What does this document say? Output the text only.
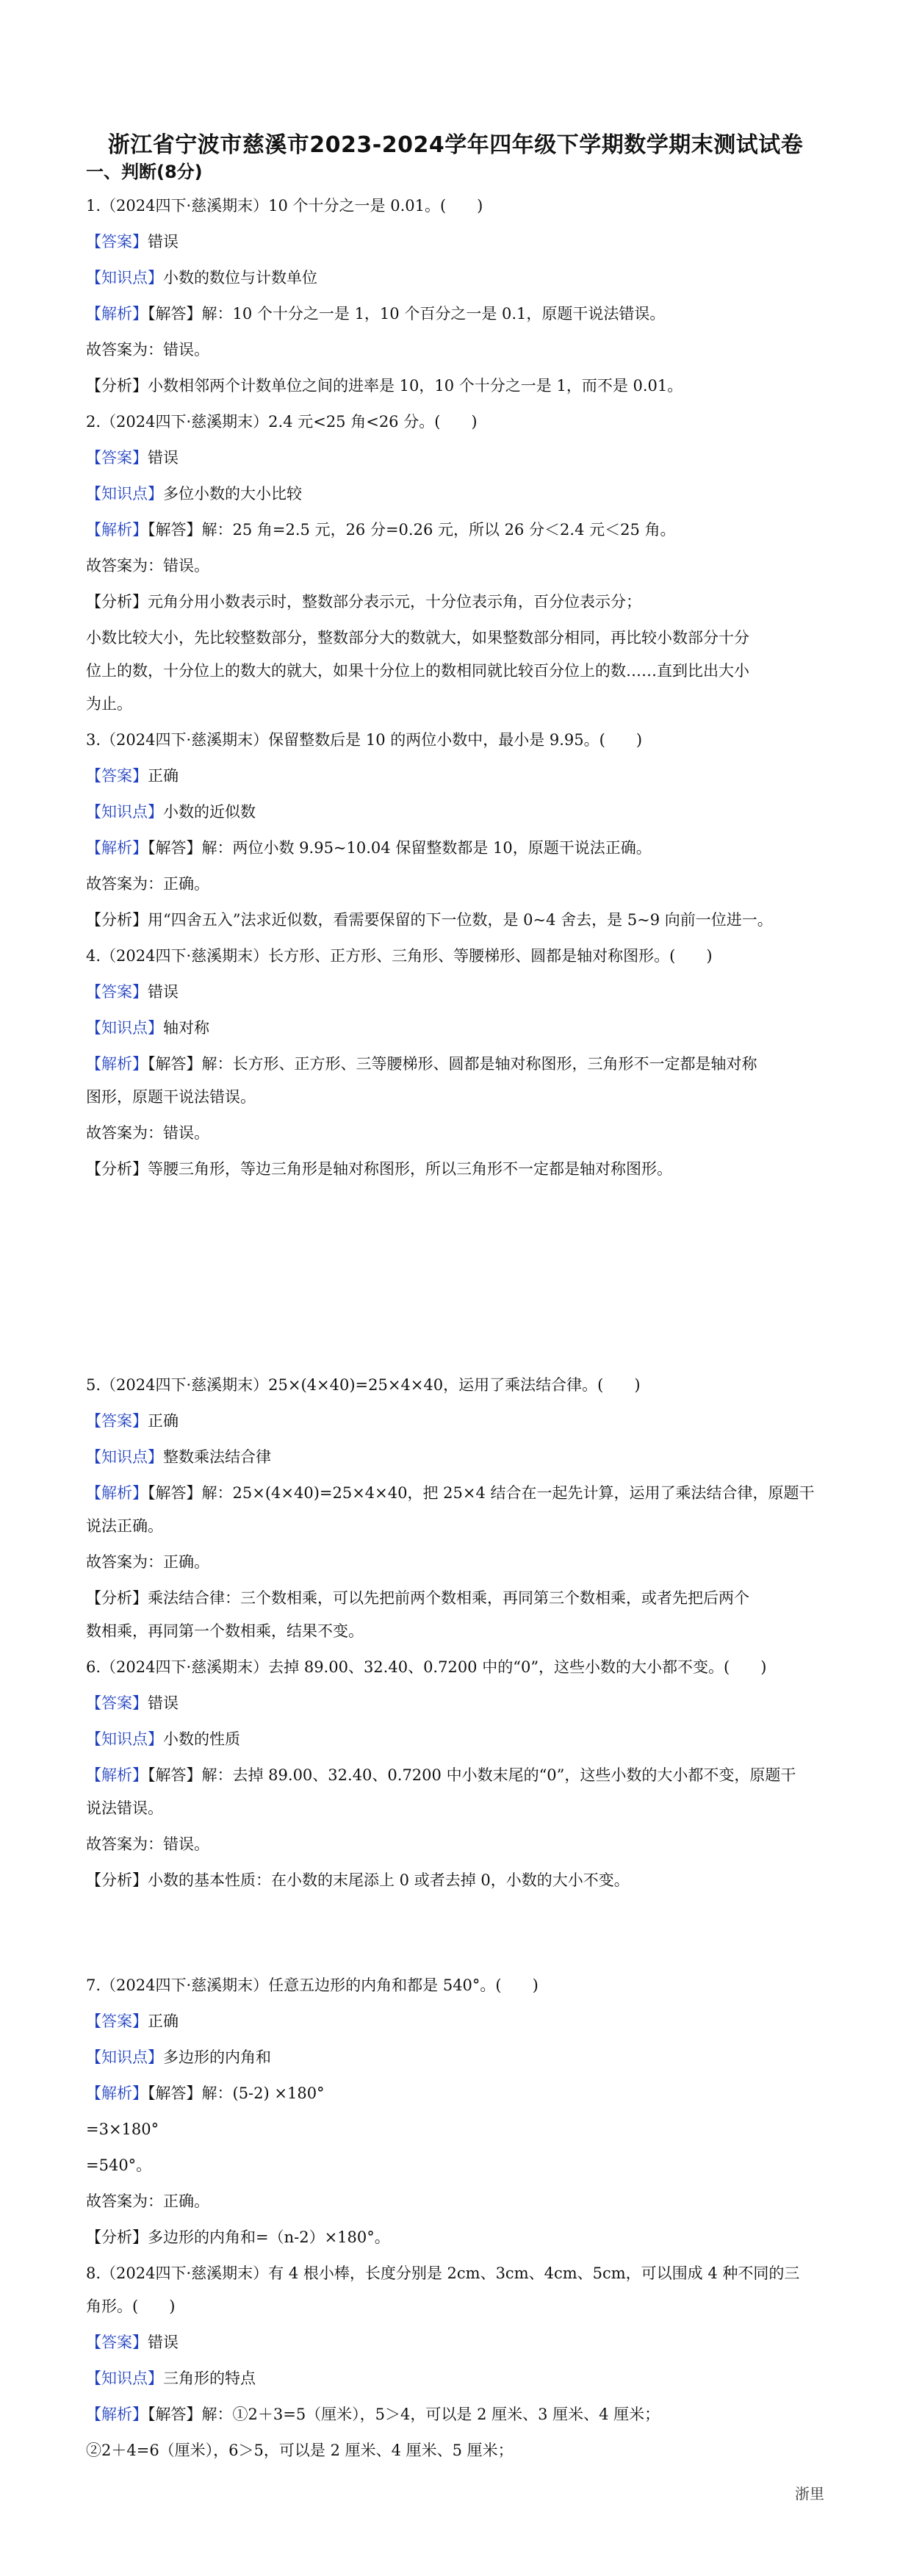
浙江省宁波市慈溪市2023-2024学年四年级下学期数学期末测试试卷
一、判断(8分)
1.（2024四下·慈溪期末）10 个十分之一是 0.01。(　　)
【答案】错误
【知识点】小数的数位与计数单位
【解析】【解答】解：10 个十分之一是 1，10 个百分之一是 0.1，原题干说法错误。
故答案为：错误。
【分析】小数相邻两个计数单位之间的进率是 10，10 个十分之一是 1，而不是 0.01。
2.（2024四下·慈溪期末）2.4 元<25 角<26 分。(　　)
【答案】错误
【知识点】多位小数的大小比较
【解析】【解答】解：25 角=2.5 元，26 分=0.26 元，所以 26 分＜2.4 元＜25 角。
故答案为：错误。
【分析】元角分用小数表示时，整数部分表示元，十分位表示角，百分位表示分；
小数比较大小，先比较整数部分，整数部分大的数就大，如果整数部分相同，再比较小数部分十分
位上的数，十分位上的数大的就大，如果十分位上的数相同就比较百分位上的数……直到比出大小
为止。
3.（2024四下·慈溪期末）保留整数后是 10 的两位小数中，最小是 9.95。(　　)
【答案】正确
【知识点】小数的近似数
【解析】【解答】解：两位小数 9.95~10.04 保留整数都是 10，原题干说法正确。
故答案为：正确。
【分析】用“四舍五入”法求近似数，看需要保留的下一位数，是 0~4 舍去，是 5~9 向前一位进一。
4.（2024四下·慈溪期末）长方形、正方形、三角形、等腰梯形、圆都是轴对称图形。(　　)
【答案】错误
【知识点】轴对称
【解析】【解答】解：长方形、正方形、三等腰梯形、圆都是轴对称图形，三角形不一定都是轴对称
图形，原题干说法错误。
故答案为：错误。
【分析】等腰三角形，等边三角形是轴对称图形，所以三角形不一定都是轴对称图形。
5.（2024四下·慈溪期末）25×(4×40)=25×4×40，运用了乘法结合律。(　　)
【答案】正确
【知识点】整数乘法结合律
【解析】【解答】解：25×(4×40)=25×4×40，把 25×4 结合在一起先计算，运用了乘法结合律，原题干
说法正确。
故答案为：正确。
【分析】乘法结合律：三个数相乘，可以先把前两个数相乘，再同第三个数相乘，或者先把后两个
数相乘，再同第一个数相乘，结果不变。
6.（2024四下·慈溪期末）去掉 89.00、32.40、0.7200 中的“0”，这些小数的大小都不变。(　　)
【答案】错误
【知识点】小数的性质
【解析】【解答】解：去掉 89.00、32.40、0.7200 中小数末尾的“0”，这些小数的大小都不变，原题干
说法错误。
故答案为：错误。
【分析】小数的基本性质：在小数的末尾添上 0 或者去掉 0，小数的大小不变。
7.（2024四下·慈溪期末）任意五边形的内角和都是 540°。(　　)
【答案】正确
【知识点】多边形的内角和
【解析】【解答】解：(5-2) ×180°
=3×180°
=540°。
故答案为：正确。
【分析】多边形的内角和=（n-2）×180°。
8.（2024四下·慈溪期末）有 4 根小棒，长度分别是 2cm、3cm、4cm、5cm，可以围成 4 种不同的三
角形。(　　)
【答案】错误
【知识点】三角形的特点
【解析】【解答】解：①2＋3=5（厘米），5＞4，可以是 2 厘米、3 厘米、4 厘米；
②2＋4=6（厘米），6＞5，可以是 2 厘米、4 厘米、5 厘米；
浙里
